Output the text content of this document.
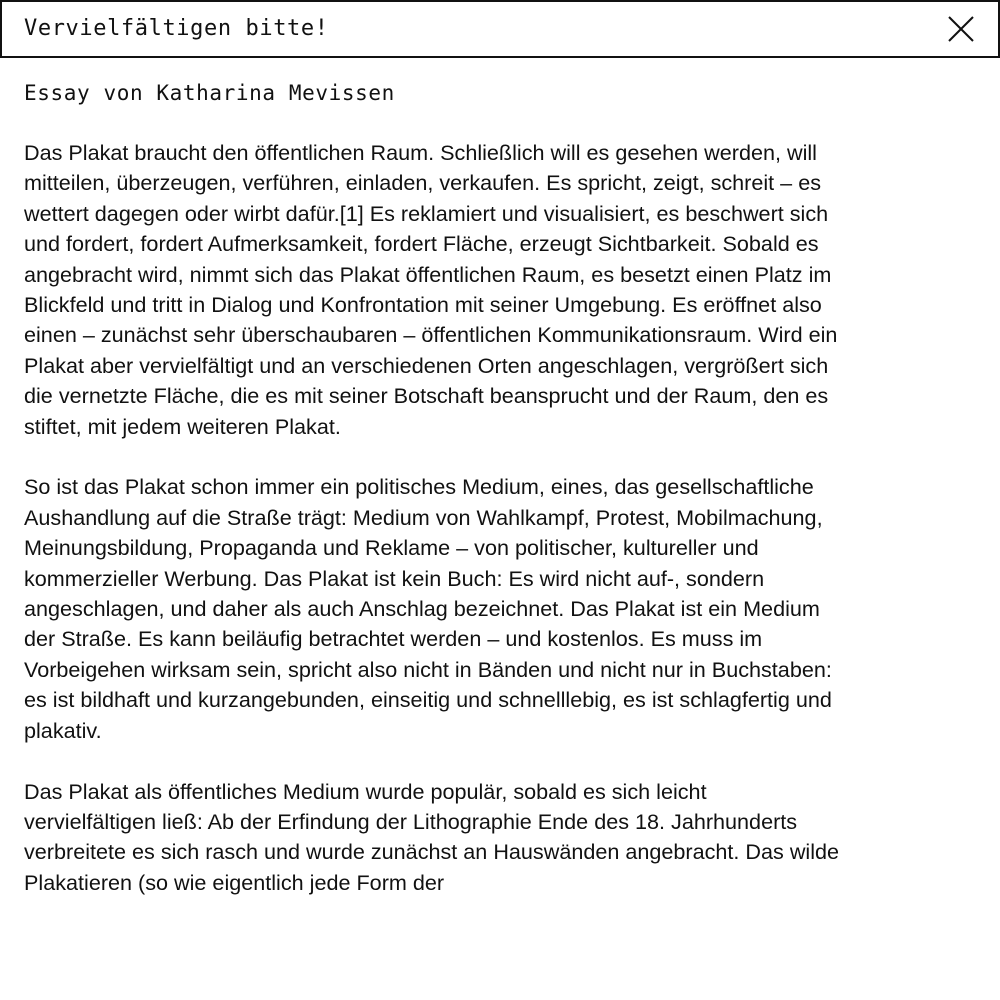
Vervielfältigen bitte!
Essay von Katharina Mevissen

Das Plakat braucht den öffentlichen Raum. Schließlich will es gesehen werden, will mitteilen, überzeugen, verführen, einladen, verkaufen. Es spricht, zeigt, schreit – es wettert dagegen oder wirbt dafür.[1] Es reklamiert und visualisiert, es beschwert sich und fordert, fordert Aufmerksamkeit, fordert Fläche, erzeugt Sichtbarkeit. Sobald es angebracht wird, nimmt sich das Plakat öffentlichen Raum, es besetzt einen Platz im Blickfeld und tritt in Dialog und Konfrontation mit seiner Umgebung. Es eröffnet also einen – zunächst sehr überschaubaren – öffentlichen Kommunikationsraum. Wird ein Plakat aber vervielfältigt und an verschiedenen Orten angeschlagen, vergrößert sich die vernetzte Fläche, die es mit seiner Botschaft beansprucht und der Raum, den es stiftet, mit jedem weiteren Plakat.

So ist das Plakat schon immer ein politisches Medium, eines, das gesellschaftliche Aushandlung auf die Straße trägt: Medium von Wahlkampf, Protest, Mobilmachung, Meinungsbildung, Propaganda und Reklame – von politischer, kultureller und kommerzieller Werbung. Das Plakat ist kein Buch: Es wird nicht auf-, sondern angeschlagen, und daher als auch Anschlag bezeichnet. Das Plakat ist ein Medium der Straße. Es kann beiläufig betrachtet werden – und kostenlos. Es muss im Vorbeigehen wirksam sein, spricht also nicht in Bänden und nicht nur in Buchstaben: es ist bildhaft und kurzangebunden, einseitig und schnelllebig, es ist schlagfertig und plakativ.

Das Plakat als öffentliches Medium wurde populär, sobald es sich leicht vervielfältigen ließ: Ab der Erfindung der Lithographie Ende des 18. Jahrhunderts verbreitete es sich rasch und wurde zunächst an Hauswänden angebracht. Das wilde Plakatieren (so wie eigentlich jede Form der
